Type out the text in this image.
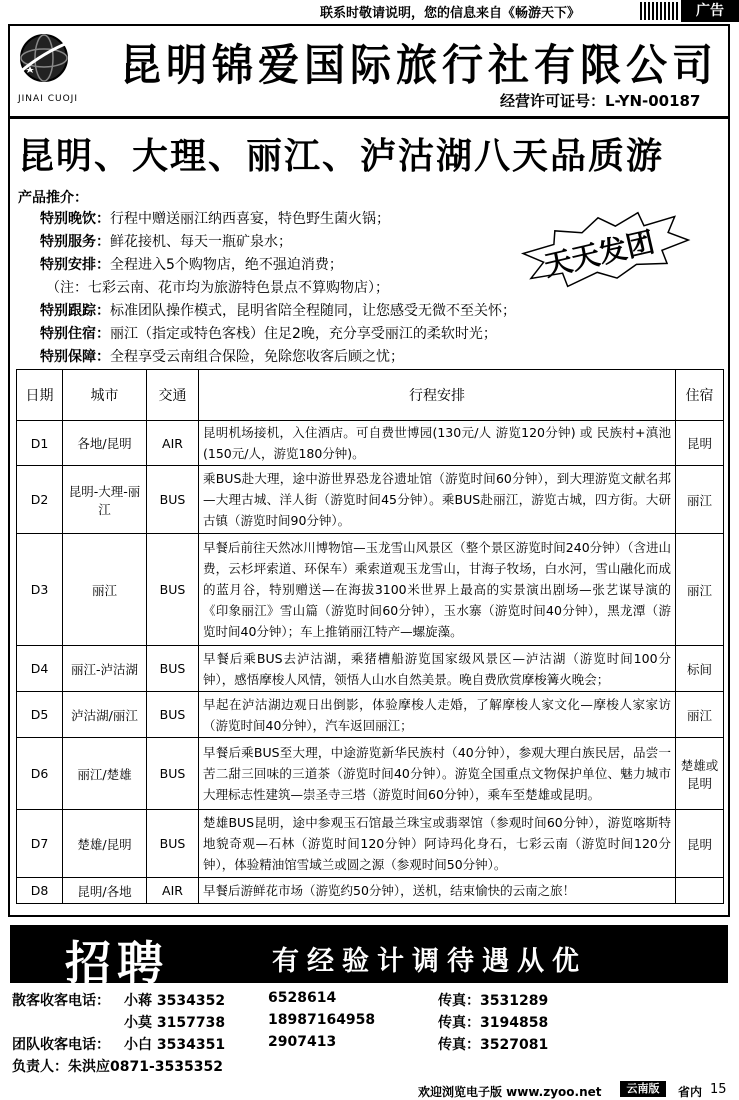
联系时敬请说明，您的信息来自《畅游天下》	广告
JINAI CUOJI
昆明锦爱国际旅行社有限公司
经营许可证号：L-YN-00187
昆明、大理、丽江、泸沽湖八天品质游
产品推介：
特别晚饮：行程中赠送丽江纳西喜宴，特色野生菌火锅；
特别服务：鲜花接机、每天一瓶矿泉水；
特别安排：全程进入5个购物店，绝不强迫消费；
（注：七彩云南、花市均为旅游特色景点不算购物店）；
特别跟踪：标准团队操作模式，昆明省陪全程随同，让您感受无微不至关怀；
特别住宿：丽江（指定或特色客栈）住足2晚，充分享受丽江的柔软时光；
特别保障：全程享受云南组合保险，免除您收客后顾之忧；
天天发团
日期	城市	交通	行程安排	住宿
D1	各地/昆明	AIR	昆明机场接机，入住酒店。可自费世博园(130元/人 游览120分钟) 或 民族村+滇池(150元/人，游览180分钟)。	昆明
D2	昆明-大理-丽江	BUS	乘BUS赴大理，途中游世界恐龙谷遗址馆（游览时间60分钟），到大理游览文献名邦—大理古城、洋人街（游览时间45分钟）。乘BUS赴丽江，游览古城，四方街。大研古镇（游览时间90分钟）。	丽江
D3	丽江	BUS	早餐后前往天然冰川博物馆—玉龙雪山风景区（整个景区游览时间240分钟）（含进山费，云杉坪索道、环保车）乘索道观玉龙雪山，甘海子牧场，白水河，雪山融化而成的蓝月谷，特别赠送—在海拔3100米世界上最高的实景演出剧场—张艺谋导演的《印象丽江》雪山篇（游览时间60分钟），玉水寨（游览时间40分钟），黑龙潭（游览时间40分钟）；车上推销丽江特产—螺旋藻。	丽江
D4	丽江-泸沽湖	BUS	早餐后乘BUS去泸沽湖，乘猪槽船游览国家级风景区—泸沽湖（游览时间100分钟），感悟摩梭人风情，领悟人山水自然美景。晚自费欣赏摩梭篝火晚会；	标间
D5	泸沽湖/丽江	BUS	早起在泸沽湖边观日出倒影，体验摩梭人走婚，了解摩梭人家文化—摩梭人家家访（游览时间40分钟），汽车返回丽江；	丽江
D6	丽江/楚雄	BUS	早餐后乘BUS至大理，中途游览新华民族村（40分钟），参观大理白族民居，品尝一苦二甜三回味的三道茶（游览时间40分钟）。游览全国重点文物保护单位、魅力城市大理标志性建筑—崇圣寺三塔（游览时间60分钟），乘车至楚雄或昆明。	楚雄或昆明
D7	楚雄/昆明	BUS	楚雄BUS昆明，途中参观玉石馆最兰珠宝或翡翠馆（参观时间60分钟），游览喀斯特地貌奇观—石林（游览时间120分钟）阿诗玛化身石，七彩云南（游览时间120分钟），体验精油馆雪域兰或圆之源（参观时间50分钟）。	昆明
D8	昆明/各地	AIR	早餐后游鲜花市场（游览约50分钟），送机，结束愉快的云南之旅！	
招聘	有经验计调待遇从优
散客收客电话： 小蒋 3534352	6528614	传真：3531289
小莫 3157738	18987164958	传真：3194858
团队收客电话： 小白 3534351	2907413	传真：3527081
负责人：朱洪应0871-3535352
欢迎浏览电子版 www.zyoo.net	云南版	省内 15
